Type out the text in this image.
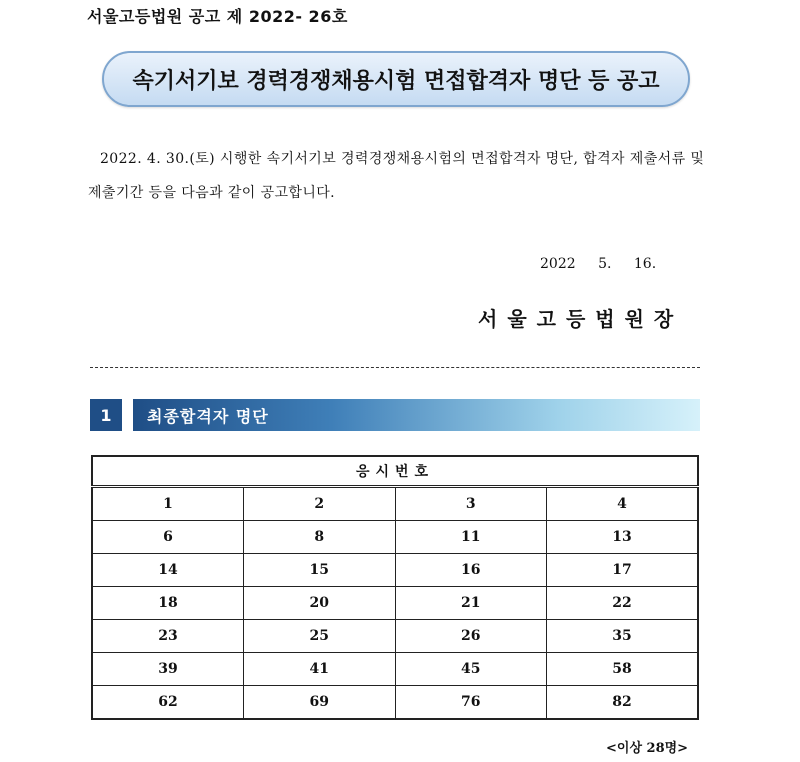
서울고등법원 공고 제 2022- 26호
속기서기보 경력경쟁채용시험 면접합격자 명단 등 공고
2022. 4. 30.(토) 시행한 속기서기보 경력경쟁채용시험의 면접합격자 명단, 합격자 제출서류 및 제출기간 등을 다음과 같이 공고합니다.
2022 5. 16.
서울고등법원장
1	최종합격자 명단
응시번호			
1	2	3	4
6	8	11	13
14	15	16	17
18	20	21	22
23	25	26	35
39	41	45	58
62	69	76	82
<이상 28명>
